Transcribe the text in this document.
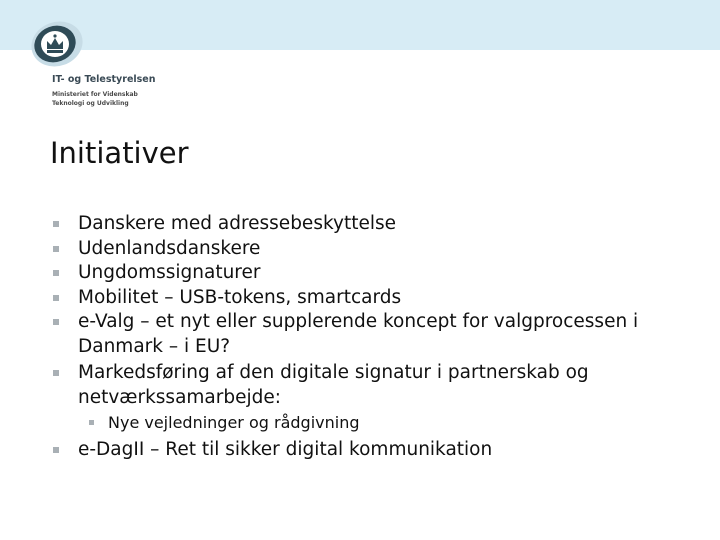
IT- og Telestyrelsen
Ministeriet for Videnskab
Teknologi og Udvikling
Initiativer
Danskere med adressebeskyttelse
Udenlandsdanskere
Ungdomssignaturer
Mobilitet – USB-tokens, smartcards
e-Valg – et nyt eller supplerende koncept for valgprocessen i Danmark – i EU?
Markedsføring af den digitale signatur i partnerskab og netværkssamarbejde:
Nye vejledninger og rådgivning
e-DagII – Ret til sikker digital kommunikation
